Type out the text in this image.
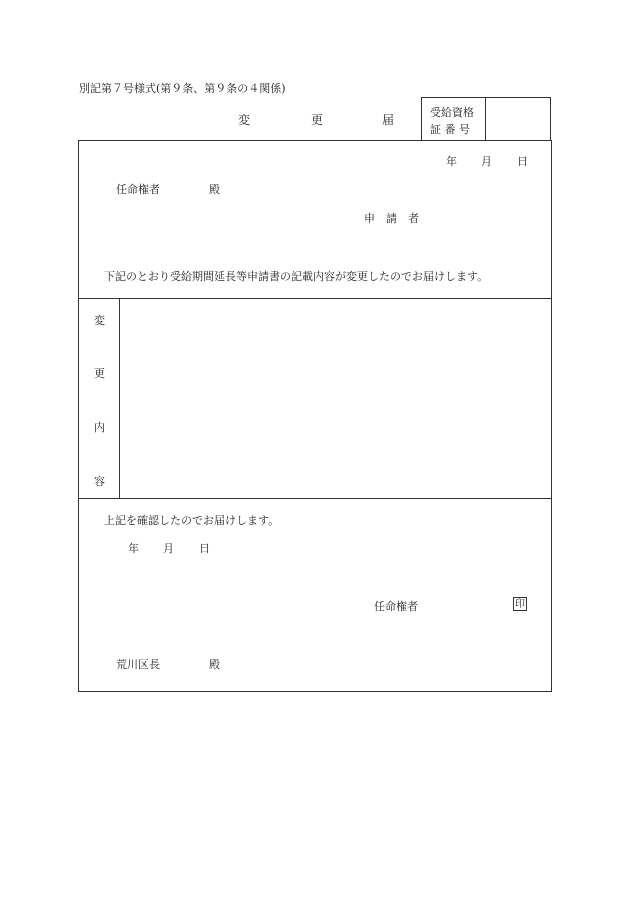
別記第７号様式(第９条、第９条の４関係)
受給資格
証 番 号
変	更	届
年 月 日
任命権者	殿
申　請　者
下記のとおり受給期間延長等申請書の記載内容が変更したのでお届けします。
変
更
内
容
上記を確認したのでお届けします。
年 月 日
任命権者	印
荒川区長	殿
